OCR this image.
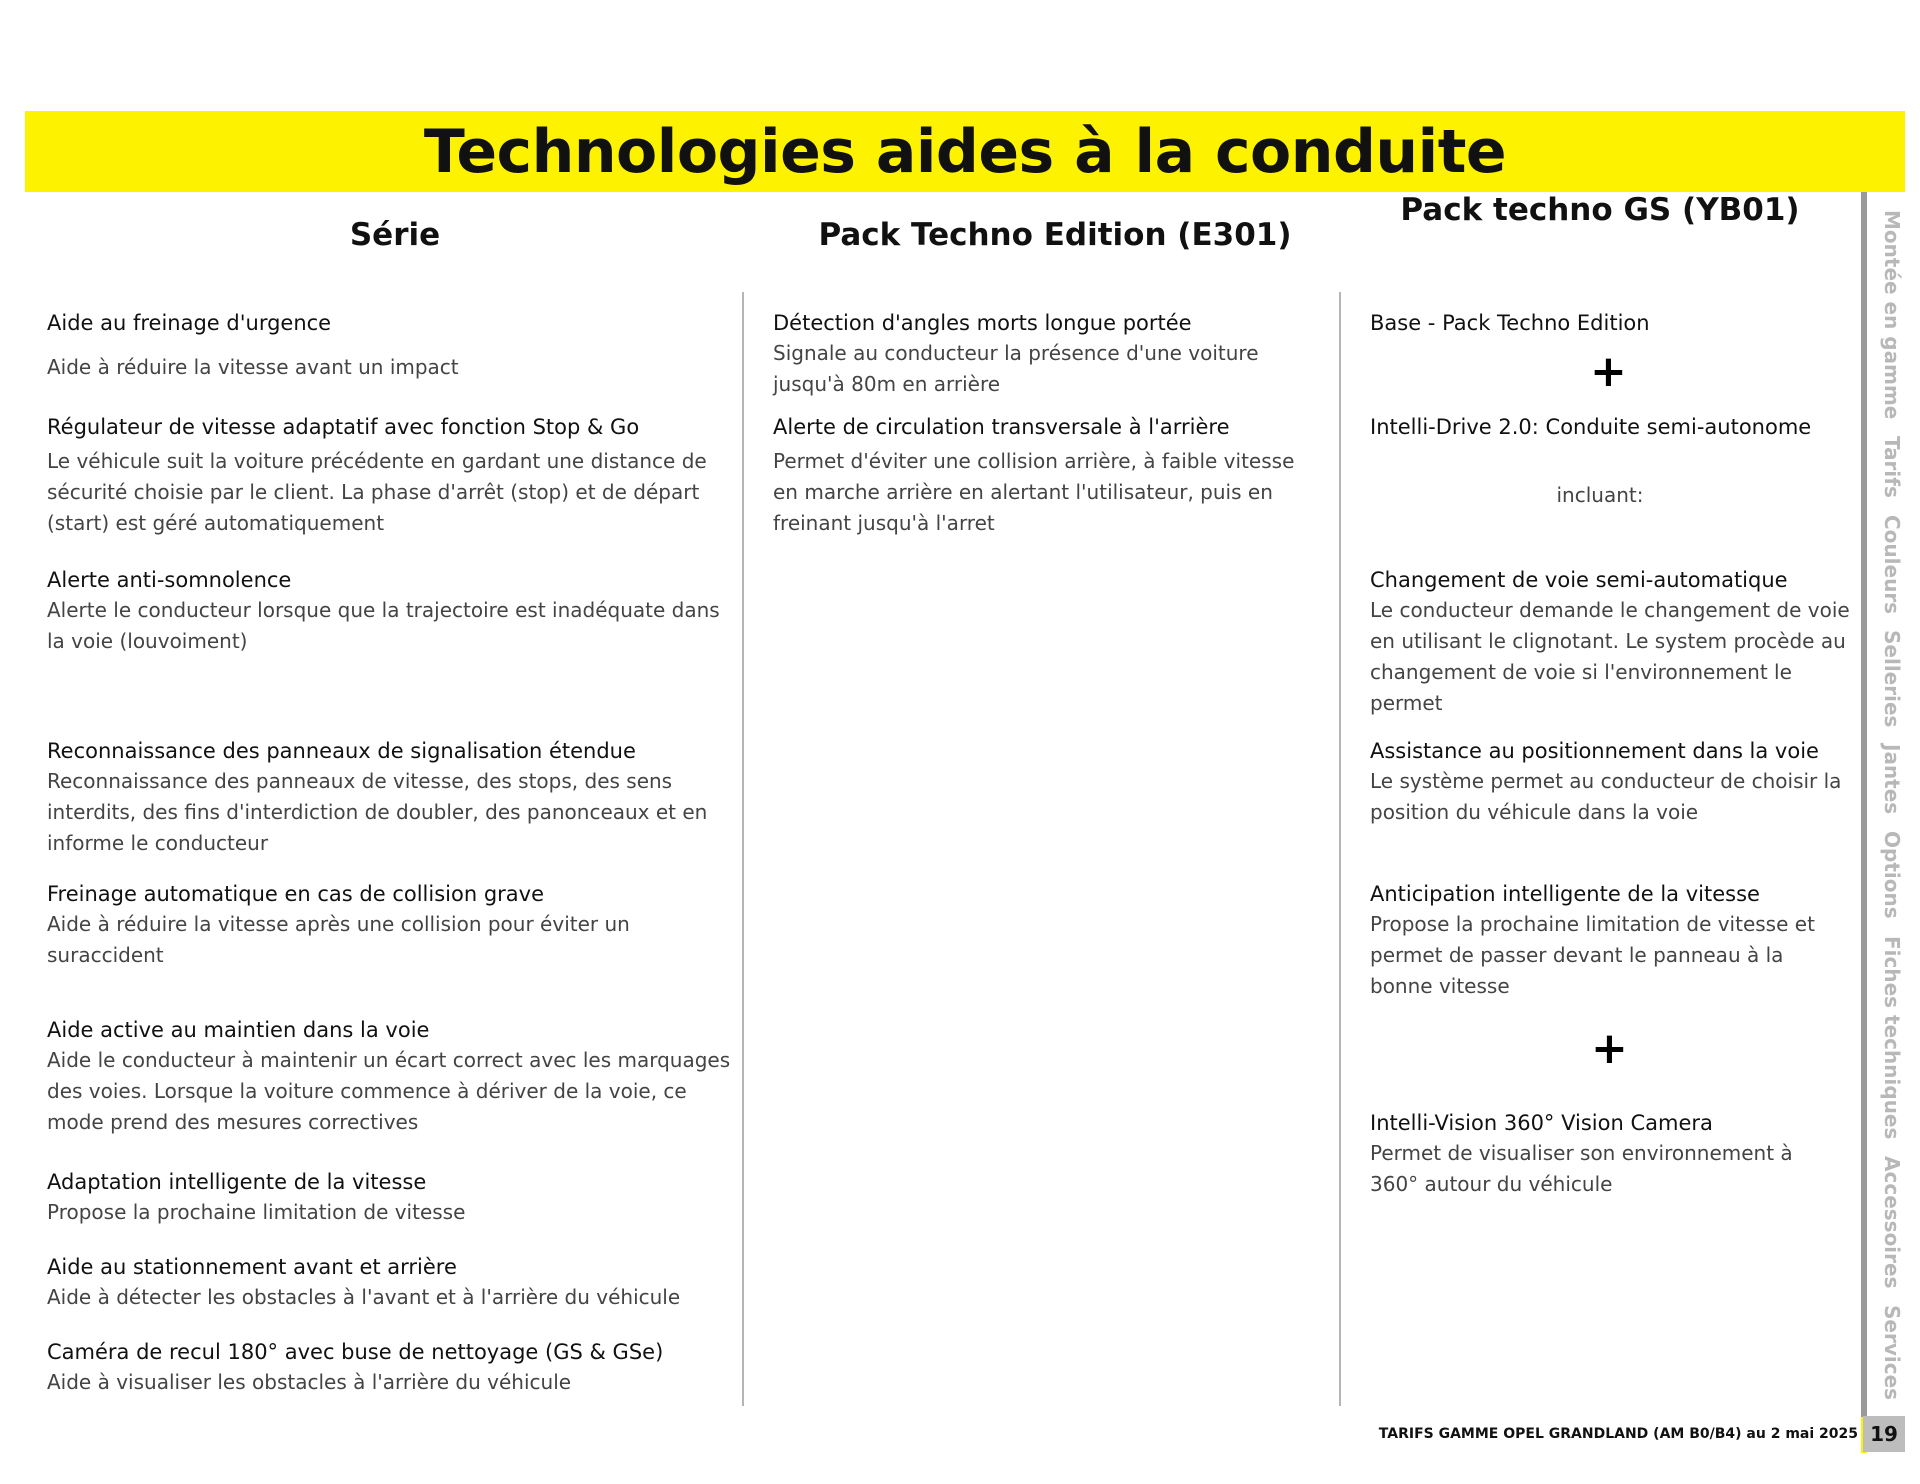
Technologies aides à la conduite
Série	Pack Techno Edition (E301)
Pack techno GS (YB01)
Aide au freinage d'urgence
Aide à réduire la vitesse avant un impact
Régulateur de vitesse adaptatif avec fonction Stop & Go
Le véhicule suit la voiture précédente en gardant une distance de sécurité choisie par le client. La phase d'arrêt (stop) et de départ (start) est géré automatiquement
Alerte anti-somnolence
Alerte le conducteur lorsque que la trajectoire est inadéquate dans la voie (louvoiment)
Reconnaissance des panneaux de signalisation étendue
Reconnaissance des panneaux de vitesse, des stops, des sens interdits, des fins d'interdiction de doubler, des panonceaux et en informe le conducteur
Freinage automatique en cas de collision grave
Aide à réduire la vitesse après une collision pour éviter un suraccident
Aide active au maintien dans la voie
Aide le conducteur à maintenir un écart correct avec les marquages des voies. Lorsque la voiture commence à dériver de la voie, ce mode prend des mesures correctives
Adaptation intelligente de la vitesse
Propose la prochaine limitation de vitesse
Aide au stationnement avant et arrière
Aide à détecter les obstacles à l'avant et à l'arrière du véhicule
Caméra de recul 180° avec buse de nettoyage (GS & GSe)
Aide à visualiser les obstacles à l'arrière du véhicule
Détection d'angles morts longue portée
Signale au conducteur la présence d'une voiture jusqu'à 80m en arrière
Alerte de circulation transversale à l'arrière
Permet d'éviter une collision arrière, à faible vitesse en marche arrière en alertant l'utilisateur, puis en freinant jusqu'à l'arret
Base - Pack Techno Edition
Intelli-Drive 2.0: Conduite semi-autonome
incluant:
Changement de voie semi-automatique
Le conducteur demande le changement de voie en utilisant le clignotant. Le system procède au changement de voie si l'environnement le permet
Assistance au positionnement dans la voie
Le système permet au conducteur de choisir la position du véhicule dans la voie
Anticipation intelligente de la vitesse
Propose la prochaine limitation de vitesse et permet de passer devant le panneau à la bonne vitesse
Intelli-Vision 360° Vision Camera
Permet de visualiser son environnement à 360° autour du véhicule
+
+
Montée en gamme
Tarifs
Couleurs
Selleries
Jantes
Options
Fiches techniques
Accessoires
Services
TARIFS GAMME OPEL GRANDLAND (AM B0/B4) au 2 mai 2025 19
